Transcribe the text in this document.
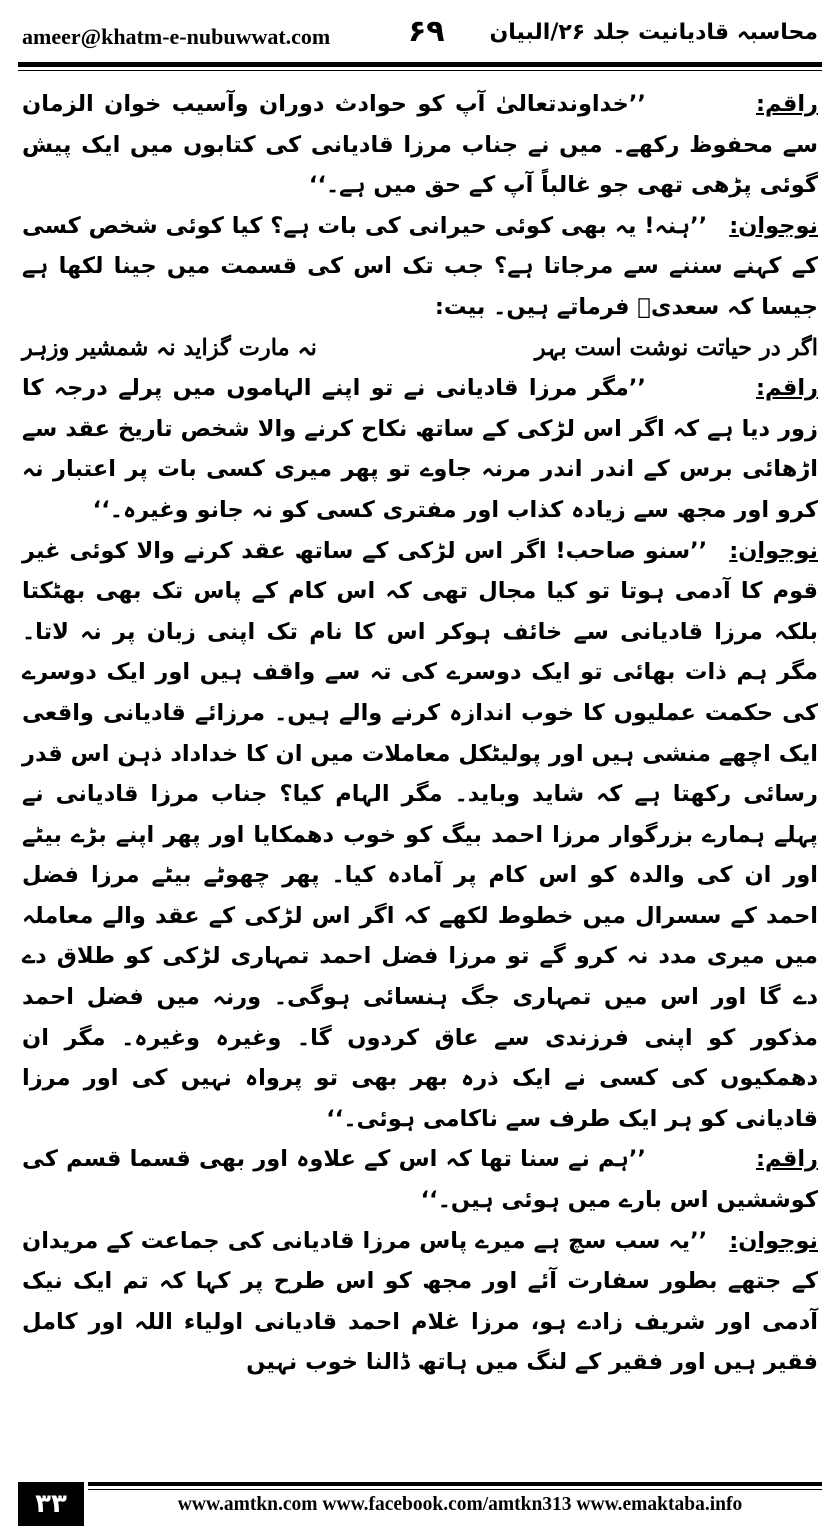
ameer@khatm-e-nubuwwat.com	۶۹ محاسبہ قادیانیت جلد ۲۶/البیان

راقم:’’خداوندتعالیٰ آپ کو حوادث دوران وآسیب خوان الزمان سے محفوظ رکھے۔ میں نے جناب مرزا قادیانی کی کتابوں میں ایک پیش گوئی پڑھی تھی جو غالباً آپ کے حق میں ہے۔‘‘

نوجوان:’’ہنہ! یہ بھی کوئی حیرانی کی بات ہے؟ کیا کوئی شخص کسی کے کہنے سننے سے مرجاتا ہے؟ جب تک اس کی قسمت میں جینا لکھا ہے جیسا کہ سعدیؒ فرماتے ہیں۔ بیت:

اگر در حیاتت نوشت است بہر
نہ مارت گزاید نہ شمشیر وزہر

راقم:’’مگر مرزا قادیانی نے تو اپنے الہاموں میں پرلے درجہ کا زور دیا ہے کہ اگر اس لڑکی کے ساتھ نکاح کرنے والا شخص تاریخ عقد سے اڑھائی برس کے اندر اندر مرنہ جاوے تو پھر میری کسی بات پر اعتبار نہ کرو اور مجھ سے زیادہ کذاب اور مفتری کسی کو نہ جانو وغیرہ۔‘‘

نوجوان:’’سنو صاحب! اگر اس لڑکی کے ساتھ عقد کرنے والا کوئی غیر قوم کا آدمی ہوتا تو کیا مجال تھی کہ اس کام کے پاس تک بھی بھٹکتا بلکہ مرزا قادیانی سے خائف ہوکر اس کا نام تک اپنی زبان پر نہ لاتا۔ مگر ہم ذات بھائی تو ایک دوسرے کی تہ سے واقف ہیں اور ایک دوسرے کی حکمت عملیوں کا خوب اندازہ کرنے والے ہیں۔ مرزائے قادیانی واقعی ایک اچھے منشی ہیں اور پولیٹکل معاملات میں ان کا خداداد ذہن اس قدر رسائی رکھتا ہے کہ شاید وباید۔ مگر الہام کیا؟ جناب مرزا قادیانی نے پہلے ہمارے بزرگوار مرزا احمد بیگ کو خوب دھمکایا اور پھر اپنے بڑے بیٹے اور ان کی والدہ کو اس کام پر آمادہ کیا۔ پھر چھوٹے بیٹے مرزا فضل احمد کے سسرال میں خطوط لکھے کہ اگر اس لڑکی کے عقد والے معاملہ میں میری مدد نہ کرو گے تو مرزا فضل احمد تمہاری لڑکی کو طلاق دے دے گا اور اس میں تمہاری جگ ہنسائی ہوگی۔ ورنہ میں فضل احمد مذکور کو اپنی فرزندی سے عاق کردوں گا۔ وغیرہ وغیرہ۔ مگر ان دھمکیوں کی کسی نے ایک ذرہ بھر بھی تو پرواہ نہیں کی اور مرزا قادیانی کو ہر ایک طرف سے ناکامی ہوئی۔‘‘

راقم:’’ہم نے سنا تھا کہ اس کے علاوہ اور بھی قسما قسم کی کوششیں اس بارے میں ہوئی ہیں۔‘‘

نوجوان:’’یہ سب سچ ہے میرے پاس مرزا قادیانی کی جماعت کے مریدان کے جتھے بطور سفارت آئے اور مجھ کو اس طرح پر کہا کہ تم ایک نیک آدمی اور شریف زادے ہو، مرزا غلام احمد قادیانی اولیاء اللہ اور کامل فقیر ہیں اور فقیر کے لنگ میں ہاتھ ڈالنا خوب نہیں

۳۳	www.amtkn.com www.facebook.com/amtkn313 www.emaktaba.info
